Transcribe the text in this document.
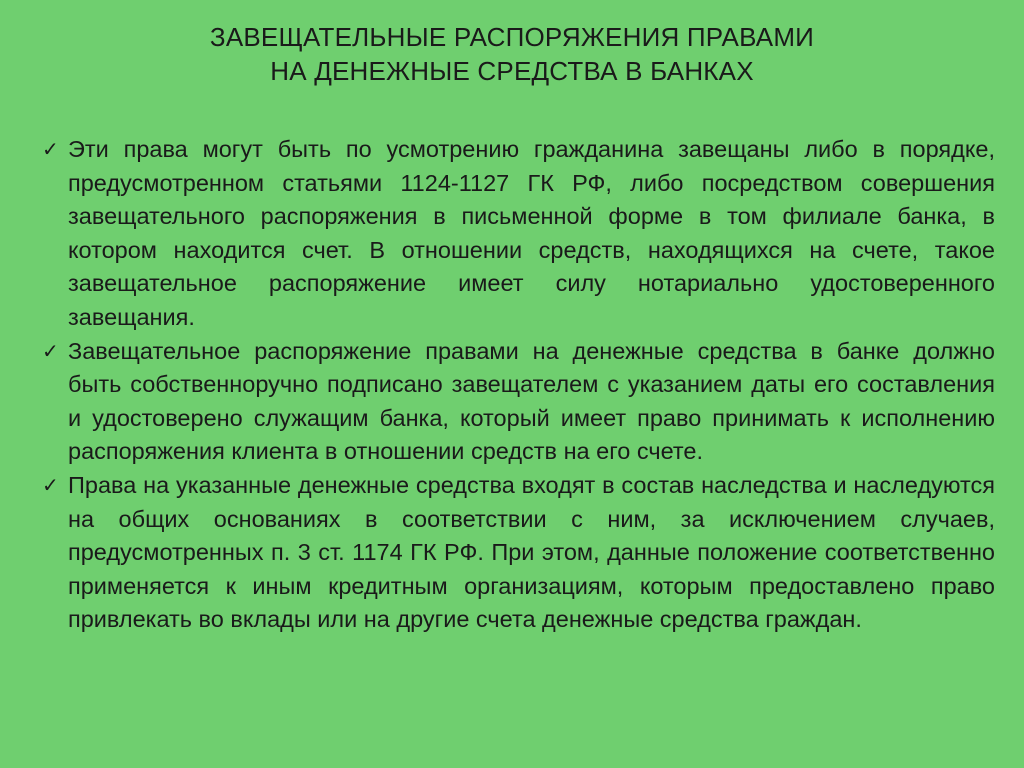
ЗАВЕЩАТЕЛЬНЫЕ РАСПОРЯЖЕНИЯ ПРАВАМИ
НА ДЕНЕЖНЫЕ СРЕДСТВА В БАНКАХ
✓ Эти права могут быть по усмотрению гражданина завещаны либо в порядке, предусмотренном статьями 1124-1127 ГК РФ, либо посредством совершения завещательного распоряжения в письменной форме в том филиале банка, в котором находится счет. В отношении средств, находящихся на счете, такое завещательное распоряжение имеет силу нотариально удостоверенного завещания.
✓ Завещательное распоряжение правами на денежные средства в банке должно быть собственноручно подписано завещателем с указанием даты его составления и удостоверено служащим банка, который имеет право принимать к исполнению распоряжения клиента в отношении средств на его счете.
✓ Права на указанные денежные средства входят в состав наследства и наследуются на общих основаниях в соответствии с ним, за исключением случаев, предусмотренных п. 3 ст. 1174 ГК РФ. При этом, данные положение соответственно применяется к иным кредитным организациям, которым предоставлено право привлекать во вклады или на другие счета денежные средства граждан.
